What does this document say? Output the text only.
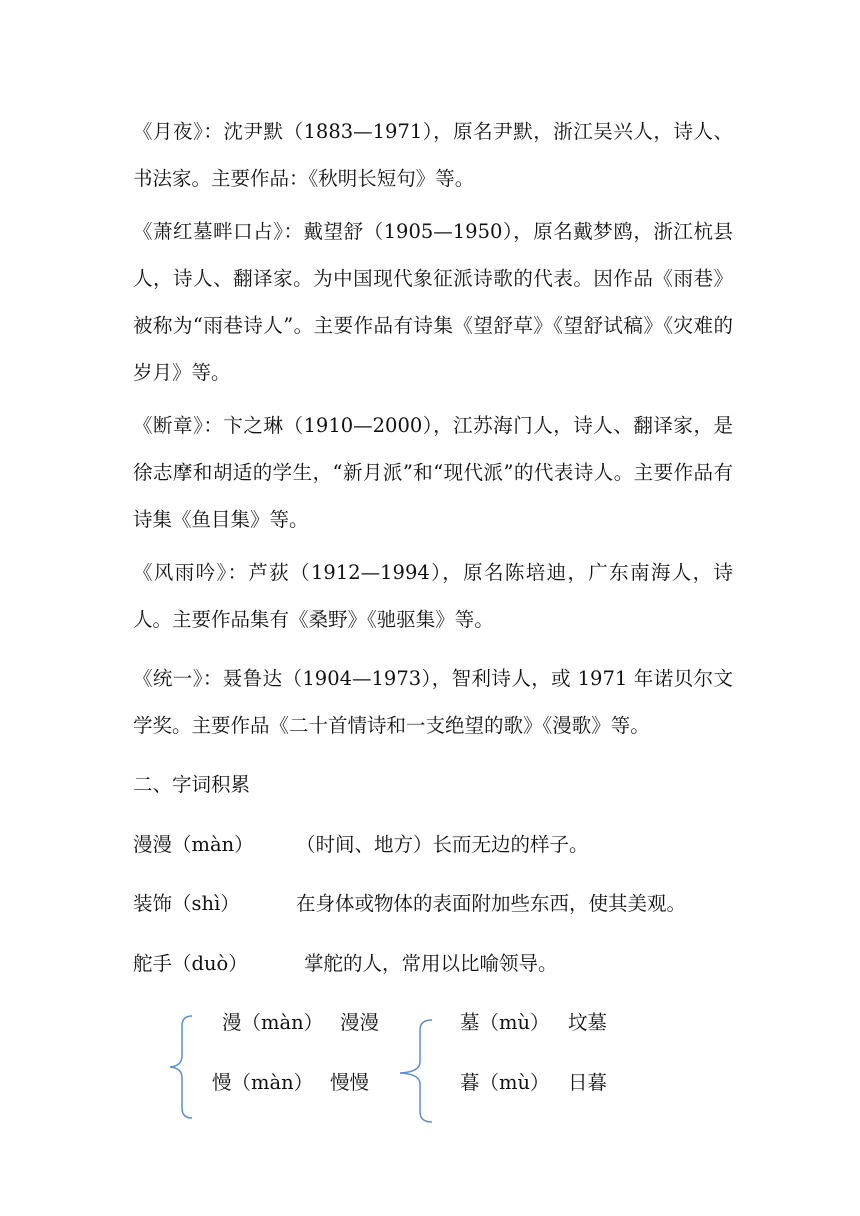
《月夜》：沈尹默（1883—1971），原名尹默，浙江吴兴人，诗人、书法家。主要作品：《秋明长短句》等。

《萧红墓畔口占》：戴望舒（1905—1950），原名戴梦鸥，浙江杭县人，诗人、翻译家。为中国现代象征派诗歌的代表。因作品《雨巷》被称为“雨巷诗人”。主要作品有诗集《望舒草》《望舒试稿》《灾难的岁月》等。

《断章》：卞之琳（1910—2000），江苏海门人，诗人、翻译家，是徐志摩和胡适的学生，“新月派”和“现代派”的代表诗人。主要作品有诗集《鱼目集》等。

《风雨吟》：芦荻（1912—1994），原名陈培迪，广东南海人，诗人。主要作品集有《桑野》《驰驱集》等。

《统一》：聂鲁达（1904—1973），智利诗人，或 1971 年诺贝尔文学奖。主要作品《二十首情诗和一支绝望的歌》《漫歌》等。

二、字词积累
漫漫（màn） （时间、地方）长而无边的样子。
装饰（shì）	在身体或物体的表面附加些东西，使其美观。
舵手（duò）	掌舵的人，常用以比喻领导。
漫（màn） 漫漫
慢（màn） 慢慢
墓（mù） 坟墓
暮（mù） 日暮
